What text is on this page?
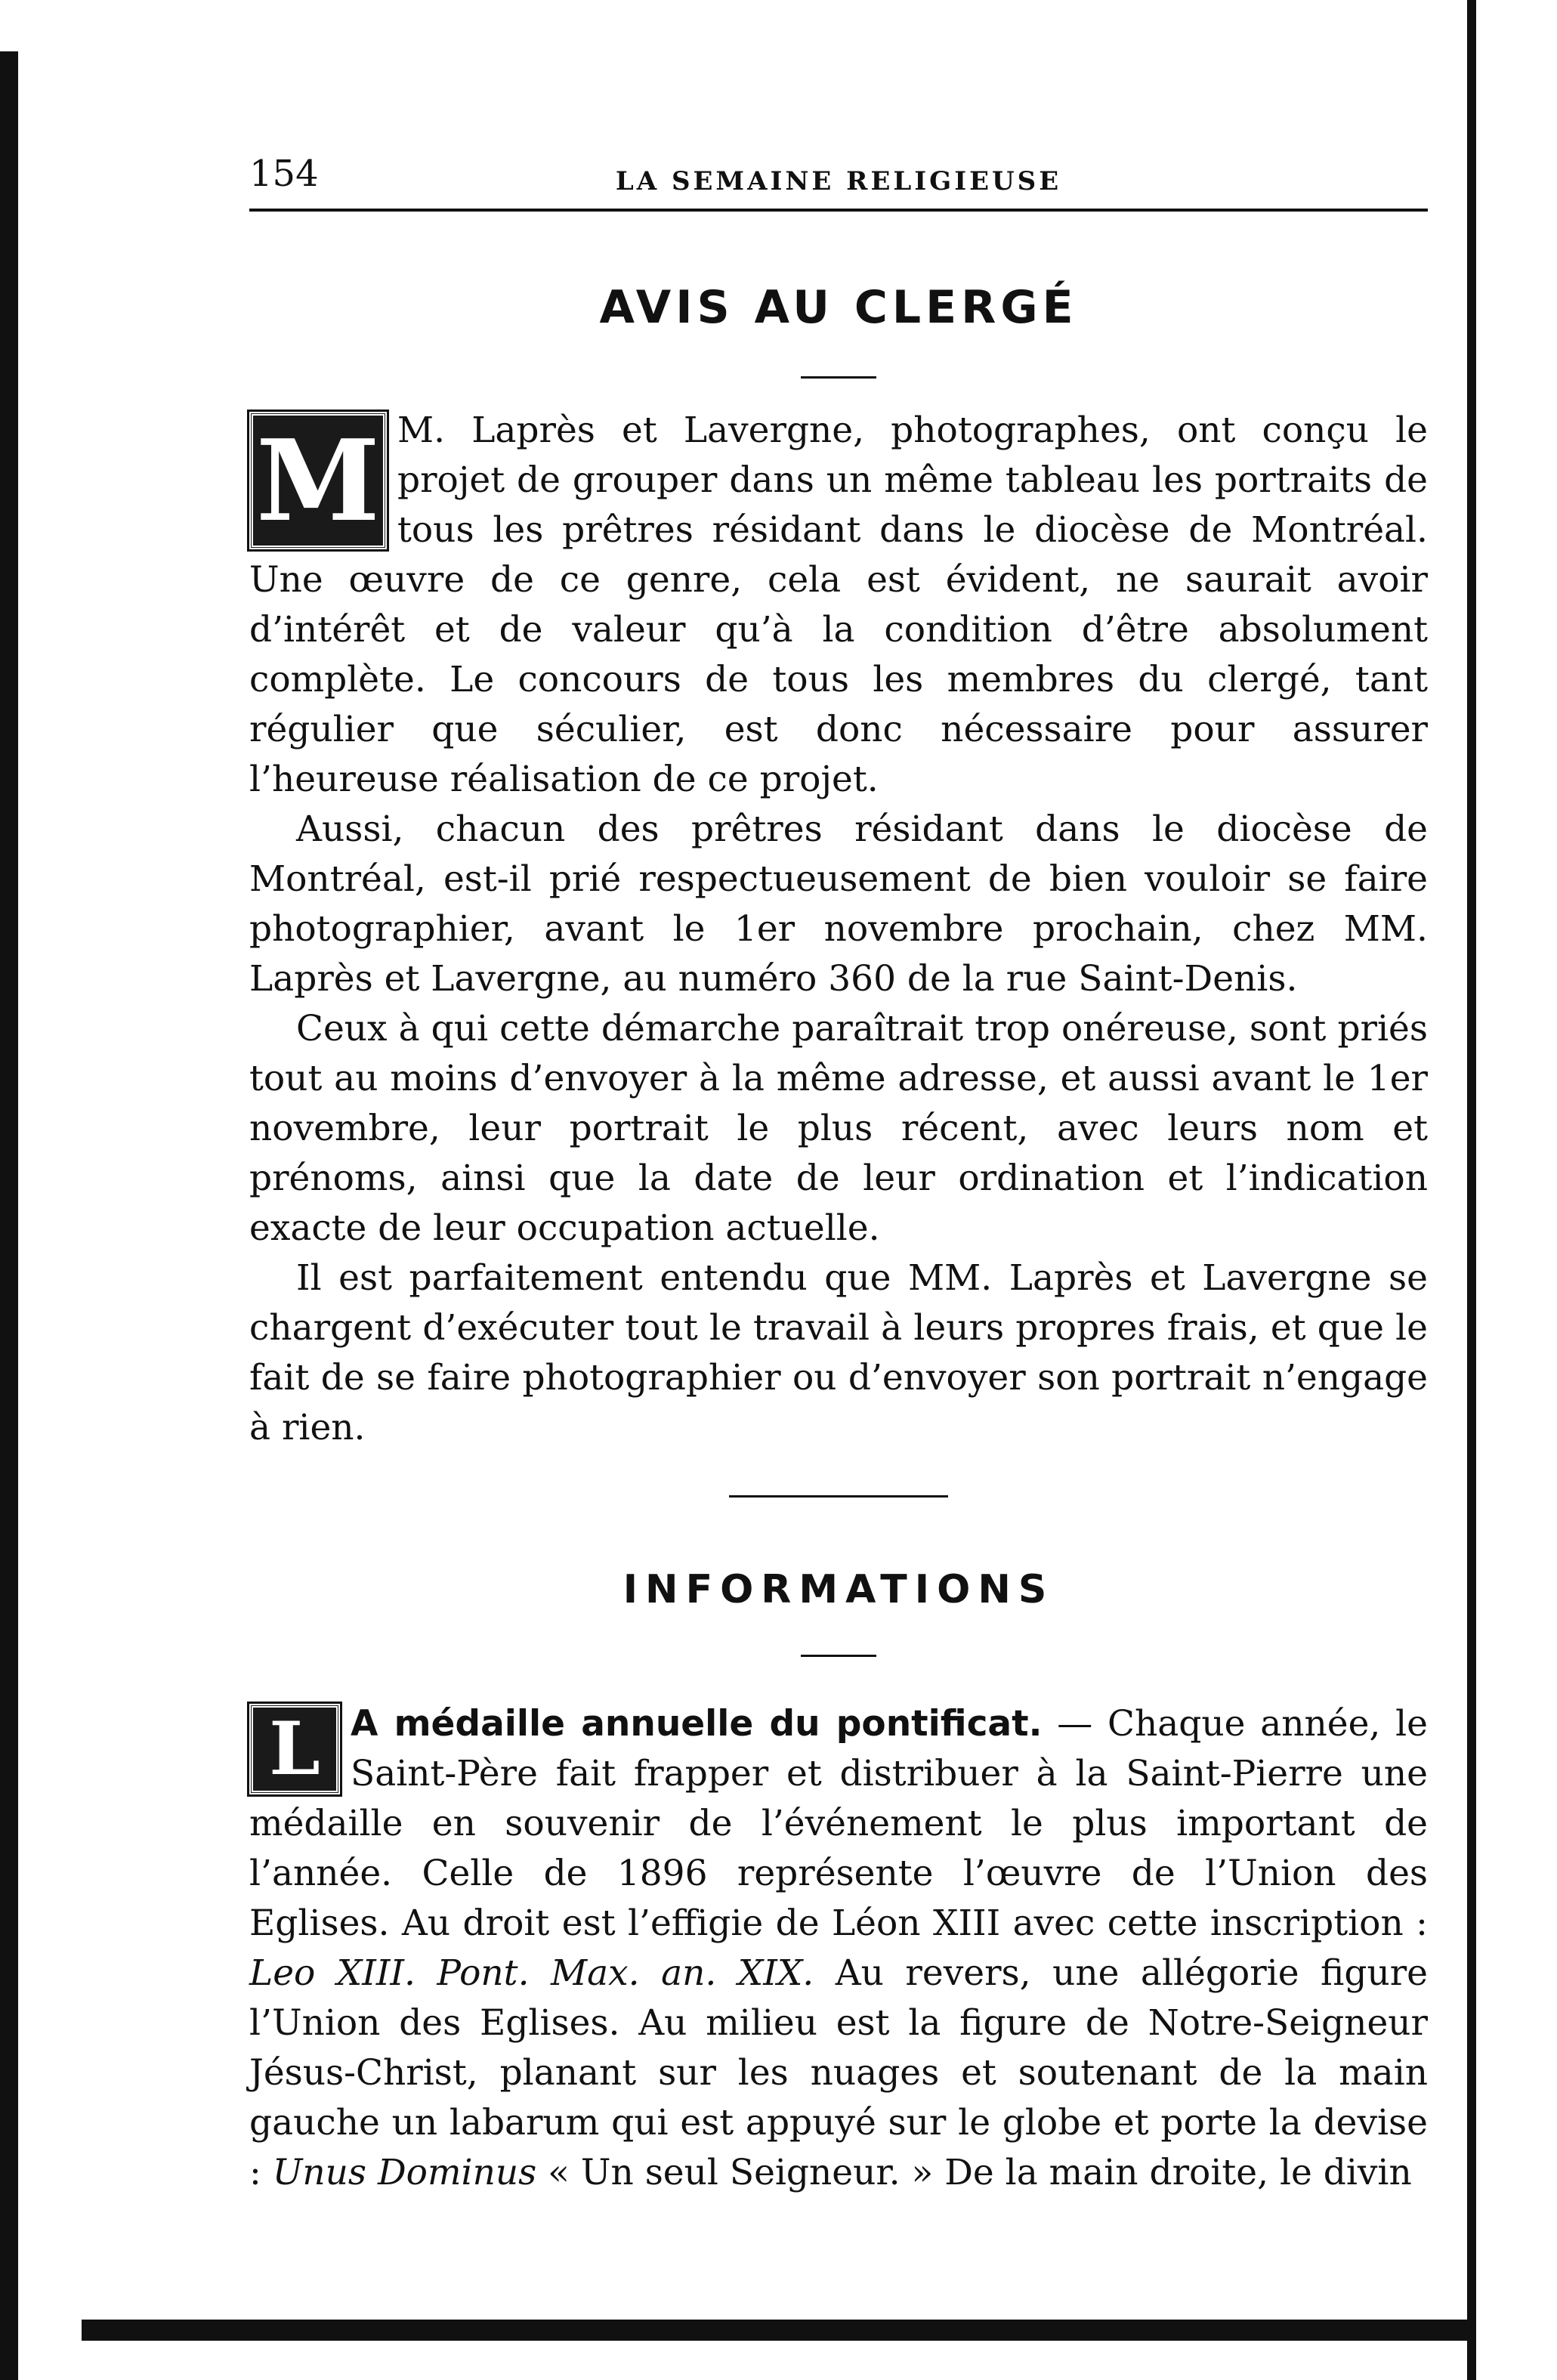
154	LA SEMAINE RELIGIEUSE
AVIS AU CLERGÉ
M M. Laprès et Lavergne, photographes, ont conçu le projet de grouper dans un même tableau les portraits de tous les prêtres résidant dans le diocèse de Montréal. Une œuvre de ce genre, cela est évident, ne saurait avoir d’intérêt et de valeur qu’à la condition d’être absolument complète. Le concours de tous les membres du clergé, tant régulier que séculier, est donc nécessaire pour assurer l’heureuse réalisation de ce projet.

Aussi, chacun des prêtres résidant dans le diocèse de Montréal, est-il prié respectueusement de bien vouloir se faire photographier, avant le 1er novembre prochain, chez MM. Laprès et Lavergne, au numéro 360 de la rue Saint-Denis.

Ceux à qui cette démarche paraîtrait trop onéreuse, sont priés tout au moins d’envoyer à la même adresse, et aussi avant le 1er novembre, leur portrait le plus récent, avec leurs nom et prénoms, ainsi que la date de leur ordination et l’indication exacte de leur occupation actuelle.

Il est parfaitement entendu que MM. Laprès et Lavergne se chargent d’exécuter tout le travail à leurs propres frais, et que le fait de se faire photographier ou d’envoyer son portrait n’engage à rien.

INFORMATIONS
L A médaille annuelle du pontificat. — Chaque année, le Saint-Père fait frapper et distribuer à la Saint-Pierre une médaille en souvenir de l’événement le plus important de l’année. Celle de 1896 représente l’œuvre de l’Union des Eglises. Au droit est l’effigie de Léon XIII avec cette inscription : Leo XIII. Pont. Max. an. XIX. Au revers, une allégorie figure l’Union des Eglises. Au milieu est la figure de Notre-Seigneur Jésus-Christ, planant sur les nuages et soutenant de la main gauche un labarum qui est appuyé sur le globe et porte la devise : Unus Dominus « Un seul Seigneur. » De la main droite, le divin
